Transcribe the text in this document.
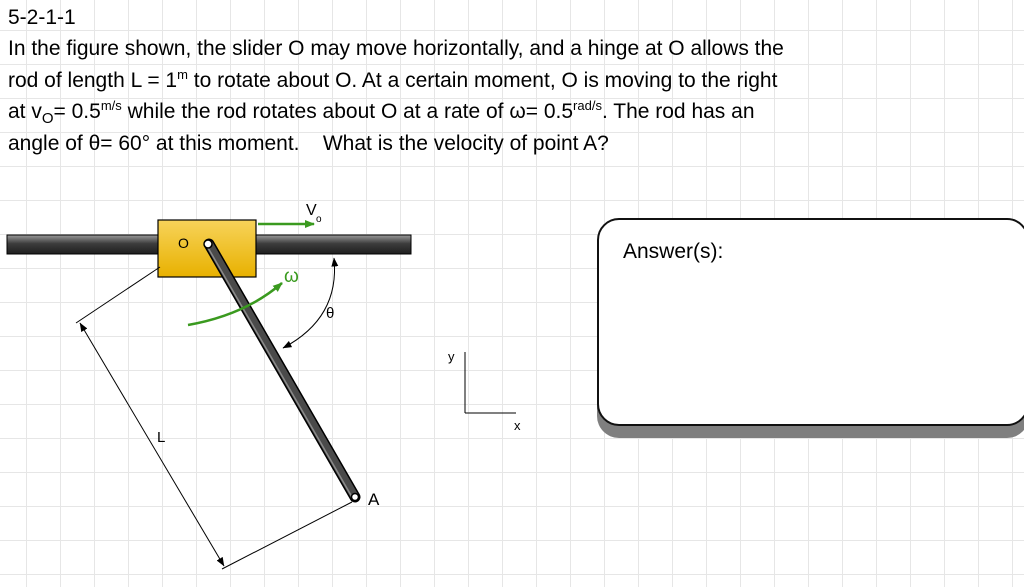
5-2-1-1
In the figure shown, the slider O may move horizontally, and a hinge at O allows the
rod of length $L = 1^m$ to rotate about O. At a certain moment, O is moving to the right
at $v_O= 0.5^{m/s}$ while the rod rotates about O at a rate of $\omega= 0.5^{rad/s}$. The rod has an
angle of θ= 60° at this moment. What is the velocity of point A?
V
o
O
A
ω
θ
L
y
x
Answer(s):
